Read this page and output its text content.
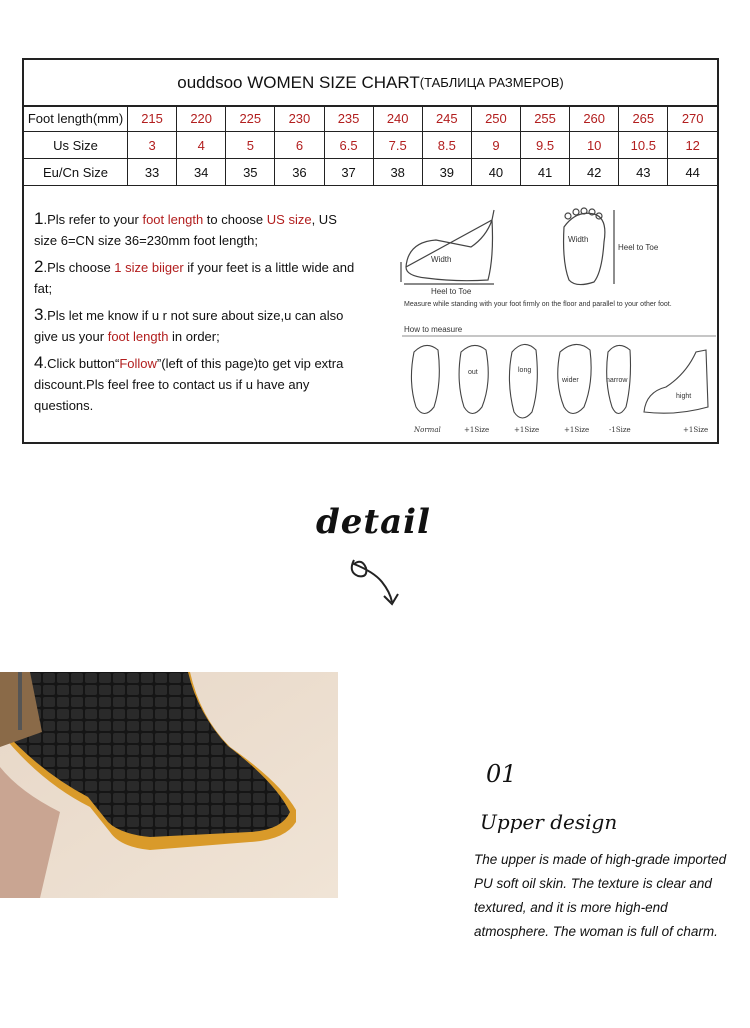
ouddsoo WOMEN SIZE CHART (ТАБЛИЦА РАЗМЕРОВ)
Foot length(mm)	215	220	225	230	235	240	245	250	255	260	265	270
Us Size	3	4	5	6	6.5	7.5	8.5	9	9.5	10	10.5	12
Eu/Cn Size	33	34	35	36	37	38	39	40	41	42	43	44

1.Pls refer to your foot length to choose US size, US size 6=CN size 36=230mm foot length;

2.Pls choose 1 size biiger if your feet is a little wide and fat;

3.Pls let me know if u r not sure about size,u can also give us your foot length in order;

4.Click button“Follow”(left of this page)to get vip extra discount.Pls feel free to contact us if u have any questions.

Width
Heel to Toe
Width
Heel to Toe
Measure while standing with your foot firmly on the floor and parallel to your other foot.
How to measure
out	long
wider	narrow
hight
Normal	+1Size	+1Size	+1Size	-1Size	+1Size
detail
01
Upper design
The upper is made of high-grade imported PU soft oil skin. The texture is clear and textured, and it is more high-end atmosphere. The woman is full of charm.
